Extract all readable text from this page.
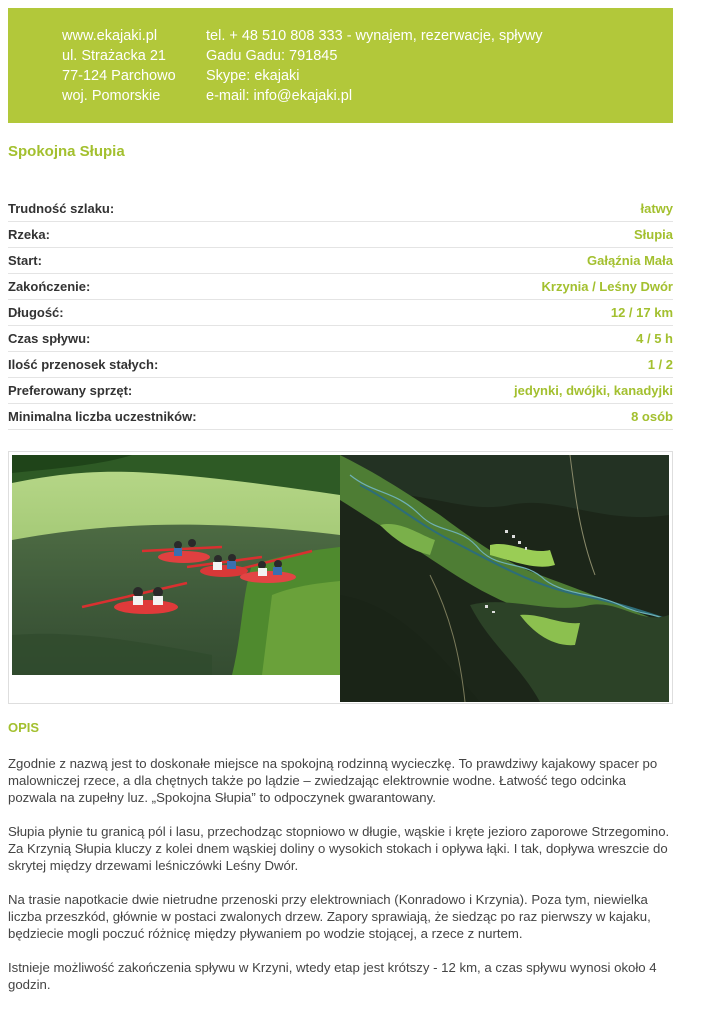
www.ekajaki.pl
ul. Strażacka 21
77-124 Parchowo
woj. Pomorskie
tel. + 48 510 808 333 - wynajem, rezerwacje, spływy
Gadu Gadu: 791845
Skype: ekajaki
e-mail: info@ekajaki.pl
Spokojna Słupia
Trudność szlaku:	łatwy
Rzeka:	Słupia
Start:	Gałąźnia Mała
Zakończenie:	Krzynia / Leśny Dwór
Długość:	12 / 17 km
Czas spływu:	4 / 5 h
Ilość przenosek stałych:	1 / 2
Preferowany sprzęt:	jedynki, dwójki, kanadyjki
Minimalna liczba uczestników:	8 osób
OPIS

Zgodnie z nazwą jest to doskonałe miejsce na spokojną rodzinną wycieczkę. To prawdziwy kajakowy spacer po malowniczej rzece, a dla chętnych także po lądzie – zwiedzając elektrownie wodne. Łatwość tego odcinka pozwala na zupełny luz. „Spokojna Słupia” to odpoczynek gwarantowany.

Słupia płynie tu granicą pól i lasu, przechodząc stopniowo w długie, wąskie i kręte jezioro zaporowe Strzegomino. Za Krzynią Słupia kluczy z kolei dnem wąskiej doliny o wysokich stokach i opływa łąki. I tak, dopływa wreszcie do skrytej między drzewami leśniczówki Leśny Dwór.

Na trasie napotkacie dwie nietrudne przenoski przy elektrowniach (Konradowo i Krzynia). Poza tym, niewielka liczba przeszkód, głównie w postaci zwalonych drzew. Zapory sprawiają, że siedząc po raz pierwszy w kajaku, będziecie mogli poczuć różnicę między pływaniem po wodzie stojącej, a rzece z nurtem.

Istnieje możliwość zakończenia spływu w Krzyni, wtedy etap jest krótszy - 12 km, a czas spływu wynosi około 4 godzin.
